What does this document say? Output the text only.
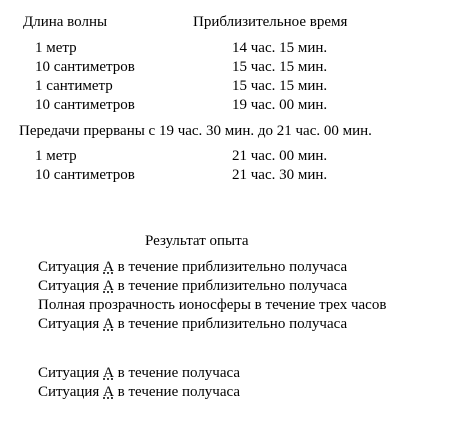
Длина волны	Приблизительное время
1 метр	14 час. 15 мин.
10 сантиметров	15 час. 15 мин.
1 сантиметр	15 час. 15 мин.
10 сантиметров	19 час. 00 мин.
Передачи прерваны с 19 час. 30 мин. до 21 час. 00 мин.
1 метр	21 час. 00 мин.
10 сантиметров	21 час. 30 мин.
Результат опыта
Ситуация А в течение приблизительно получаса
Ситуация А в течение приблизительно получаса
Полная прозрачность ионосферы в течение трех часов
Ситуация А в течение приблизительно получаса
Ситуация А в течение получаса
Ситуация А в течение получаса
